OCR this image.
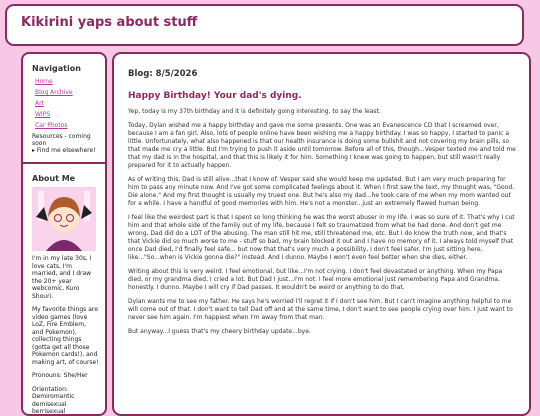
Kikirini yaps about stuff
Navigation
Home
Blog Archive
Art
WIPS
Car Photos
Resources - coming soon
▸ Find me elsewhere!
About Me
I'm in my late 30s, I love cats, I'm married, and I draw the 20+ year webcomic, Kuro Shouri.
My favorite things are video games (love LoZ, Fire Emblem, and Pokemon), collecting things (gotta get all those Pokemon cards!), and making art, of course!
Pronouns: She/Her
Orientation: Demiromantic demisexual berrisexual
Blog: 8/5/2026
Happy Birthday! Your dad's dying.

Yep, today is my 37th birthday and it is definitely going interesting, to say the least.

Today, Dylan wished me a happy birthday and gave me some presents. One was an Evanescence CD that I screamed over, because I am a fan girl. Also, lots of people online have been wishing me a happy birthday. I was so happy, I started to panic a little. Unfortunately, what also happened is that our health insurance is doing some bullshit and not covering my brain pills, so that made me cry a little. But I'm trying to push it aside until tomorrow. Before all of this, though...Vesper texted me and told me that my dad is in the hospital, and that this is likely it for him. Something I knew was going to happen, but still wasn't really prepared for it to actually happen.

As of writing this, Dad is still alive...that I know of. Vesper said she would keep me updated. But I am very much preparing for him to pass any minute now. And I've got some complicated feelings about it. When I first saw the text, my thought was, "Good. Die alone." And my first thought is usually my truest one. But he's also my dad...he took care of me when my mom wanted out for a while. I have a handful of good memories with him. He's not a monster...just an extremely flawed human being.

I feel like the weirdest part is that I spent so long thinking he was the worst abuser in my life. I was so sure of it. That's why I cut him and that whole side of the family out of my life, because I felt so traumatized from what he had done. And don't get me wrong, Dad did do a LOT of the abusing. The man still hit me, still threatened me, etc. But I do know the truth now, and that's that Vickie did so much worse to me - stuff so bad, my brain blocked it out and I have no memory of it. I always told myself that once Dad died, I'd finally feel safe... but now that that's very much a possibility, I don't feel safer. I'm just sitting here, like..."So...when is Vickie gonna die?" instead. And I dunno. Maybe I won't even feel better when she dies, either.

Writing about this is very weird. I feel emotional, but like...I'm not crying. I don't feel devastated or anything. When my Papa died, or my grandma died, I cried a lot. But Dad I just...I'm not. I feel more emotional just remembering Papa and Grandma, honestly. I dunno. Maybe I will cry if Dad passes. It wouldn't be weird or anything to do that.

Dylan wants me to see my father. He says he's worried I'll regret it if I don't see him. But I can't imagine anything helpful to me will come out of that. I don't want to tell Dad off and at the same time, I don't want to see people crying over him. I just want to never see him again. I'm happiest when I'm away from that man.

But anyway...I guess that's my cheery birthday update...bye.
